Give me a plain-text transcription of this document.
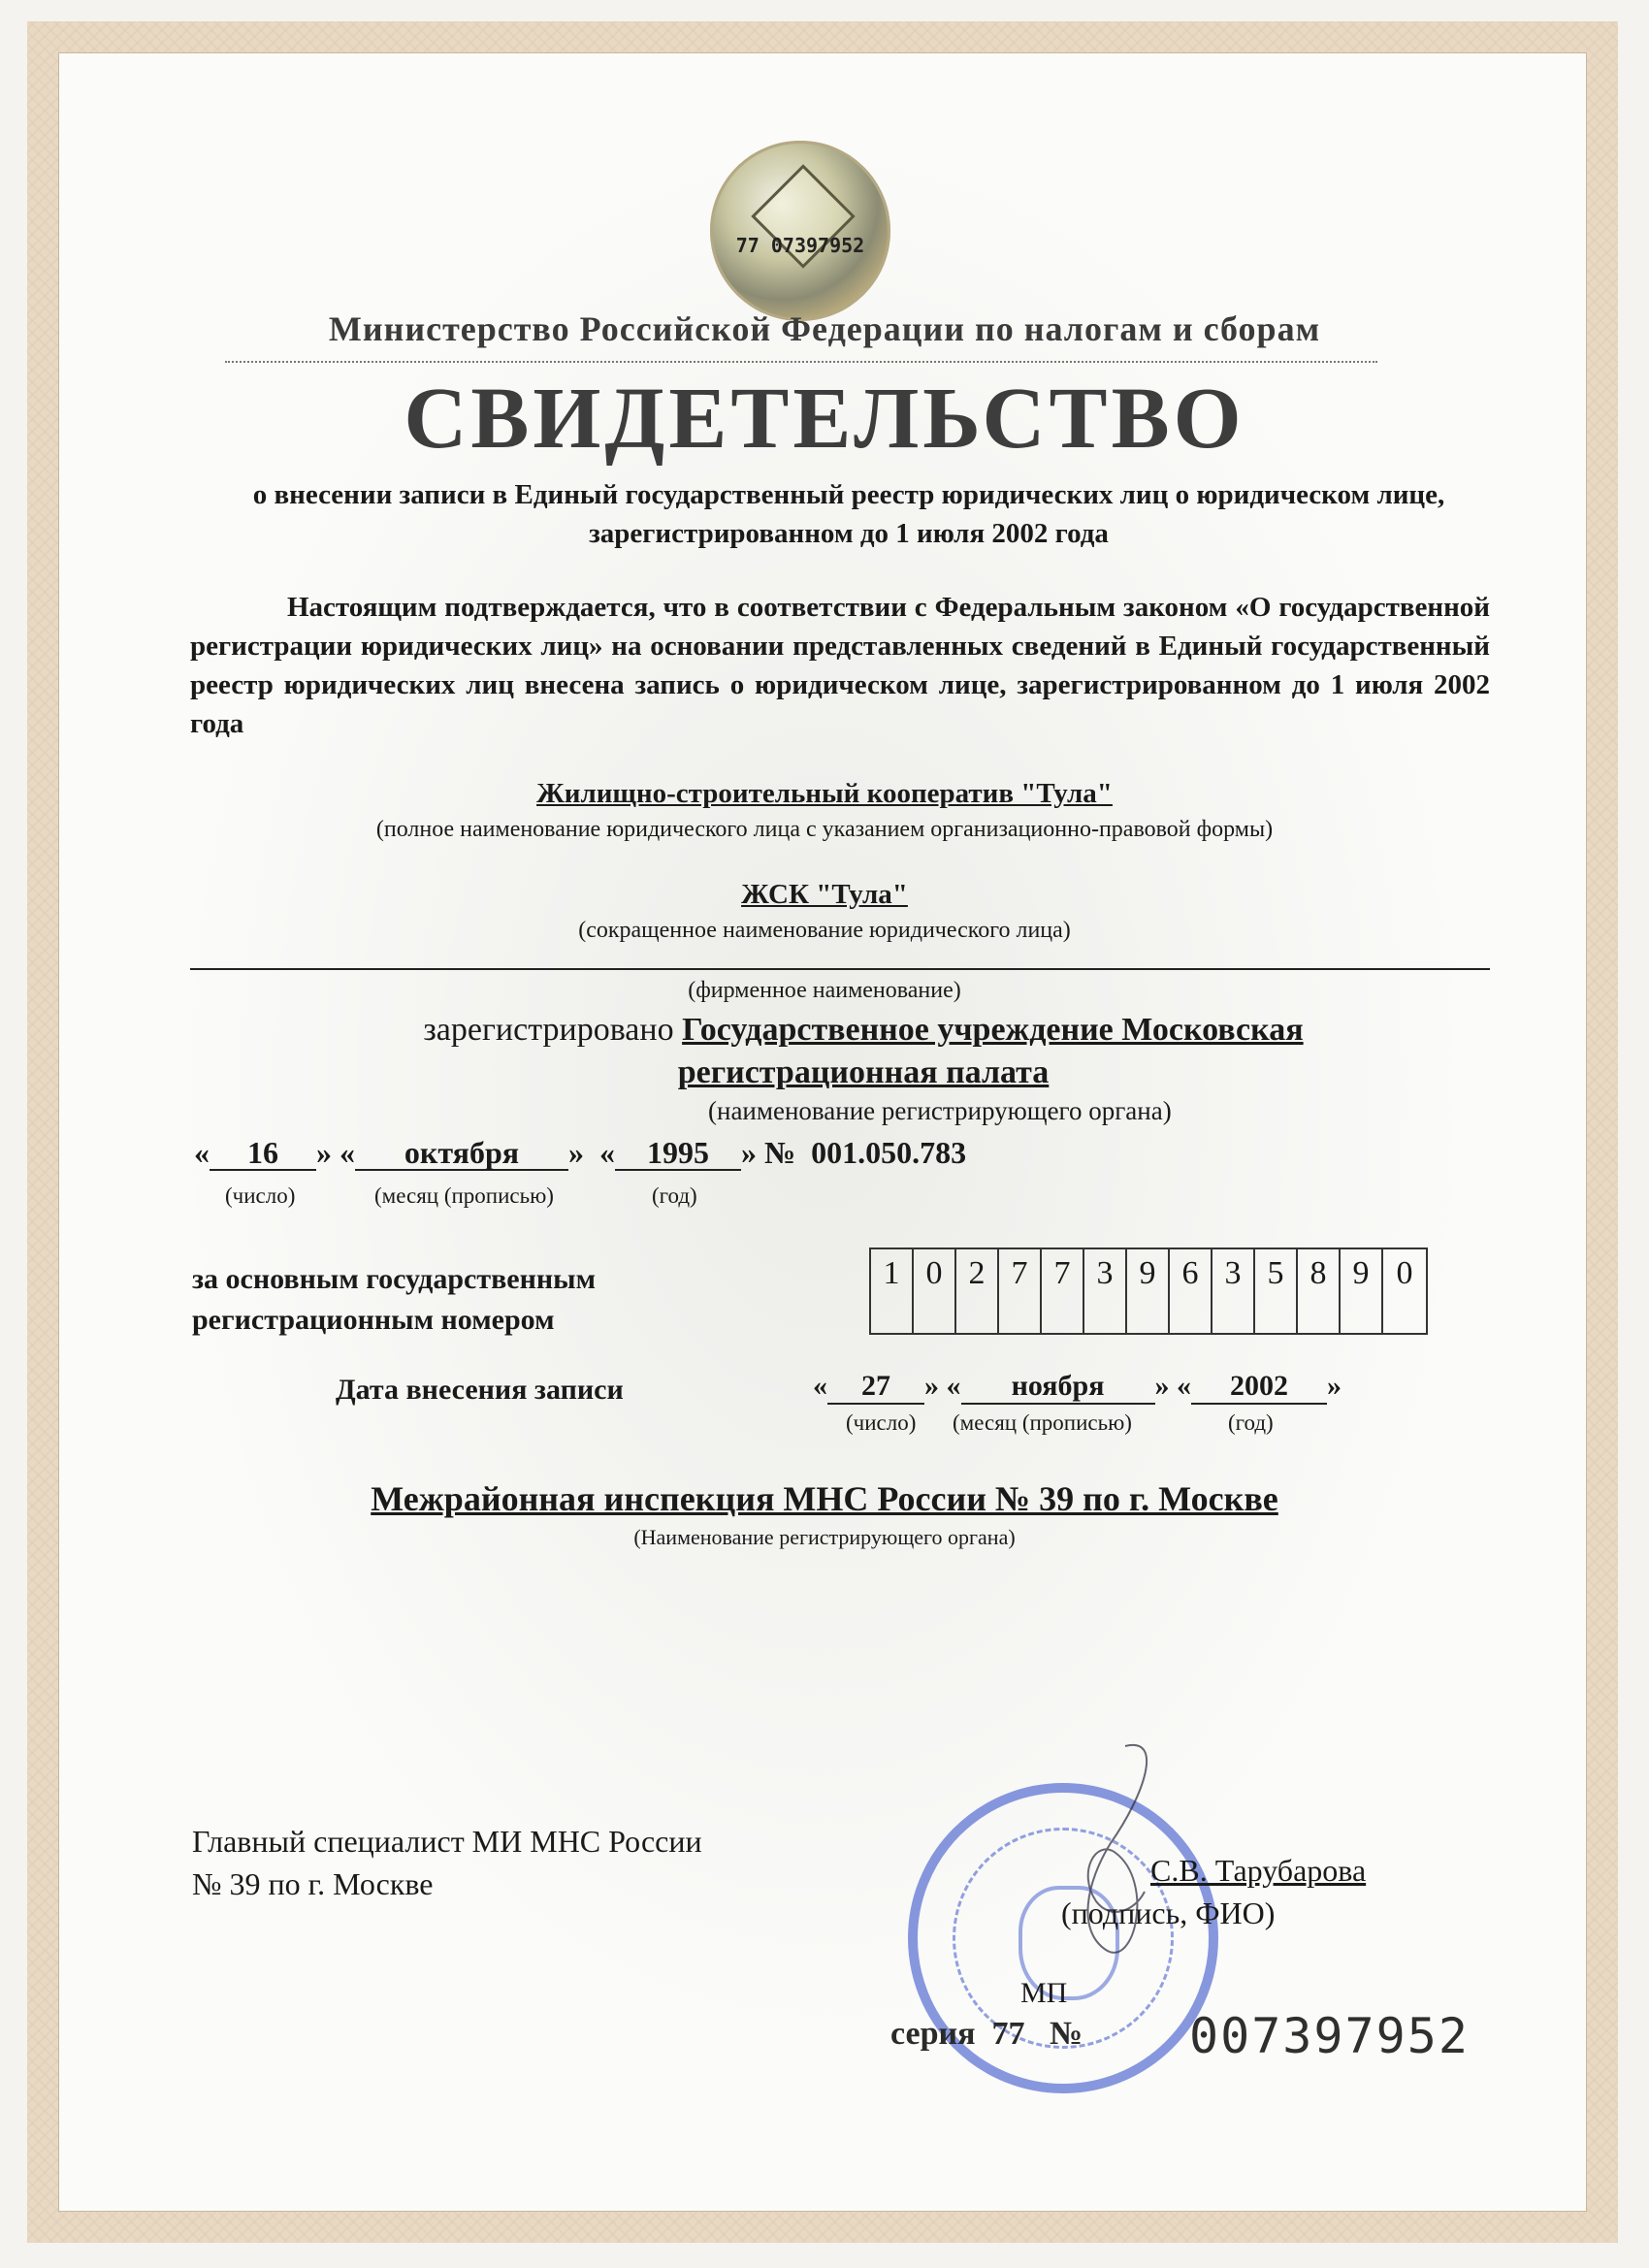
77 07397952
Министерство Российской Федерации по налогам и сборам
СВИДЕТЕЛЬСТВО
о внесении записи в Единый государственный реестр юридических лиц о юридическом лице, зарегистрированном до 1 июля 2002 года
Настоящим подтверждается, что в соответствии с Федеральным законом «О государственной регистрации юридических лиц» на основании представленных сведений в Единый государственный реестр юридических лиц внесена запись о юридическом лице, зарегистрированном до 1 июля 2002 года
Жилищно-строительный кооператив "Тула"
(полное наименование юридического лица с указанием организационно-правовой формы)
ЖСК "Тула"
(сокращенное наименование юридического лица)
(фирменное наименование)
зарегистрировано Государственное учреждение Московская регистрационная палата
(наименование регистрирующего органа)
« 16 » « октября »  « 1995 » № 001.050.783
(число)	(месяц (прописью)	(год)
за основным государственным
регистрационным номером
1 0 2 7 7 3 9 6 3 5 8 9 0
Дата внесения записи	« 27 » « ноября » « 2002 »
(число) (месяц (прописью)	(год)
Межрайонная инспекция МНС России № 39 по г. Москве
(Наименование регистрирующего органа)
Главный специалист МИ МНС России
№ 39 по г. Москве	С.В. Тарубарова
(подпись, ФИО)
МП
серия 77 № 007397952
